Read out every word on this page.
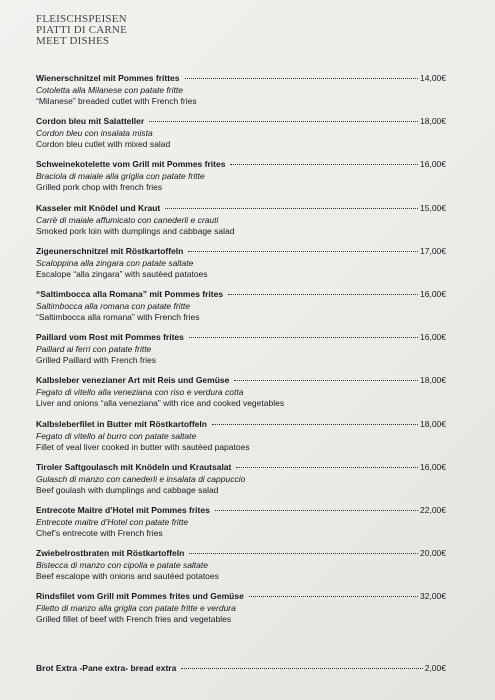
FLEISCHSPEISEN
PIATTI DI CARNE
MEET DISHES
Wienerschnitzel mit Pommes frittes	14,00€
Cotoletta alla Milanese con patate fritte
“Milanese” breaded cutlet with French fries
Cordon bleu mit Salatteller	18,00€
Cordon bleu con insalata mista
Cordon bleu cutlet with mixed salad
Schweinekotelette vom Grill mit Pommes frites	16,00€
Braciola di maiale alla griglia con patate fritte
Grilled pork chop with french fries
Kasseler mit Knödel und Kraut	15,00€
Carrè di maiale affumicato con canederli e crauti
Smoked pork loin with dumplings and cabbage salad
Zigeunerschnitzel mit Röstkartoffeln	17,00€
Scaloppina alla zingara con patate saltate
Escalope “alla zingara” with sautèed patatoes
“Saltimbocca alla Romana” mit Pommes frites	16,00€
Saltimbocca alla romana con patate fritte
“Saltimbocca alla romana” with French fries
Paillard vom Rost mit Pommes frites	16,00€
Paillard ai ferri con patate fritte
Grilled Paillard with French fries
Kalbsleber venezianer Art mit Reis und Gemüse	18,00€
Fegato di vitello alla veneziana con riso e verdura cotta
Liver and onions “alla veneziana” with rice and cooked vegetables
Kalbsleberfilet in Butter mit Röstkartoffeln	18,00€
Fegato di vitello al burro con patate saltate
Fillet of veal liver cooked in butter with sautèed papatoes
Tiroler Saftgoulasch mit Knödeln und Krautsalat	16,00€
Gulasch di manzo con canederli e insalata di cappuccio
Beef goulash with dumplings and cabbage salad
Entrecote Maitre d’Hotel mit Pommes frites	22,00€
Entrecote maitre d’Hotel con patate fritte
Chef’s entrecote with French fries
Zwiebelrostbraten mit Röstkartoffeln	20,00€
Bistecca di manzo con cipolla e patate saltate
Beef escalope with onions and sautéed potatoes
Rindsfilet vom Grill mit Pommes frites und Gemüse	32,00€
Filetto di manzo alla griglia con patate fritte e verdura
Grilled fillet of beef with French fries and vegetables
Brot Extra -Pane extra- bread extra	2,00€
